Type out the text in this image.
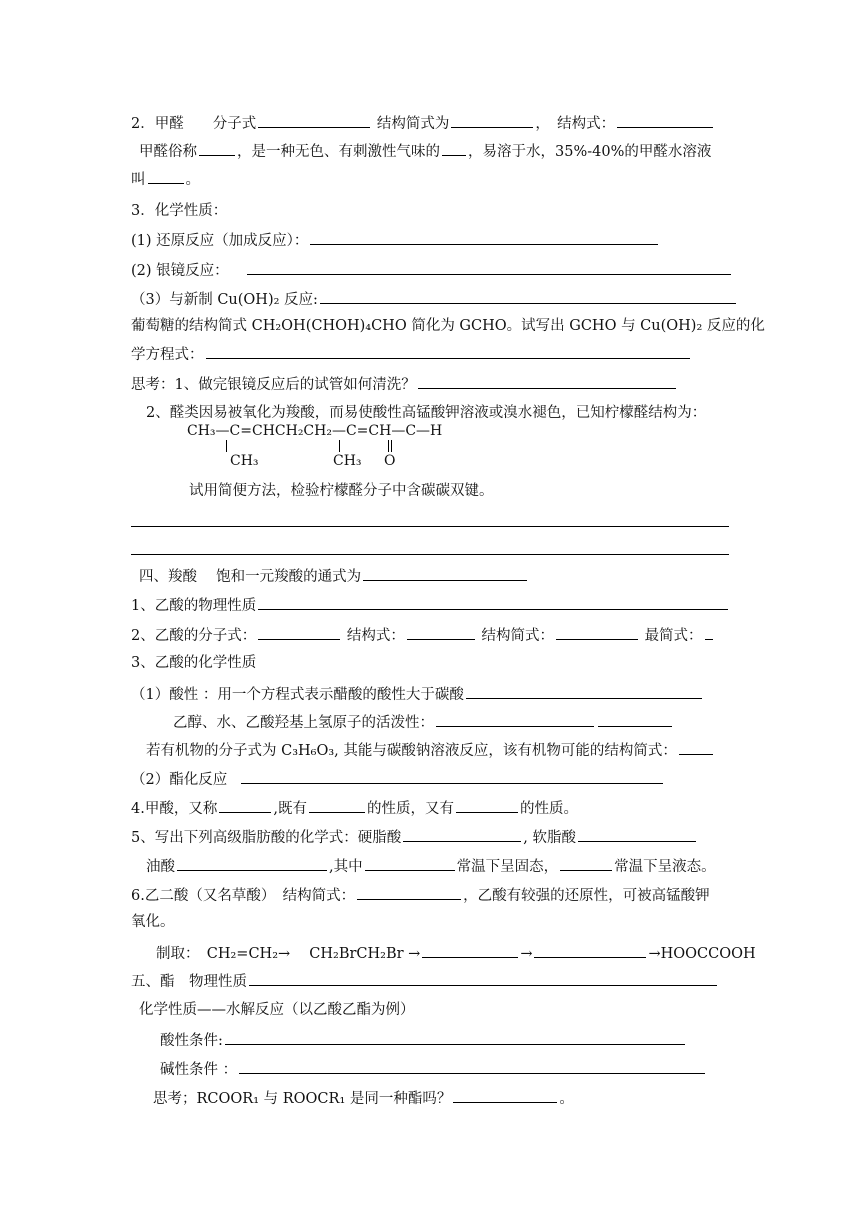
2．甲醛　　分子式	结构简式为	，　结构式：
甲醛俗称	，是一种无色、有刺激性气味的 ，易溶于水，35%-40%的甲醛水溶液
叫	。
3．化学性质：
(1) 还原反应（加成反应）：
(2) 银镜反应：
（3）与新制 Cu(OH)₂ 反应:
葡萄糖的结构简式 CH₂OH(CHOH)₄CHO 简化为 GCHO。试写出 GCHO 与 Cu(OH)₂ 反应的化
学方程式：
思考：1、做完银镜反应后的试管如何清洗？
2、醛类因易被氧化为羧酸，而易使酸性高锰酸钾溶液或溴水褪色，已知柠檬醛结构为：
CH₃—C=CHCH₂CH₂—C=CH—C—H
CH₃	CH₃ O
试用简便方法，检验柠檬醛分子中含碳碳双键。
四、羧酸　 饱和一元羧酸的通式为
1、乙酸的物理性质
2、乙酸的分子式：	结构式：	结构简式：	最简式：
3、乙酸的化学性质
（1）酸性 ：用一个方程式表示醋酸的酸性大于碳酸
乙醇、水、乙酸羟基上氢原子的活泼性：
若有机物的分子式为 C₃H₆O₃, 其能与碳酸钠溶液反应，该有机物可能的结构简式：
（2）酯化反应
4.甲酸，又称	,既有	的性质，又有	的性质。
5、写出下列高级脂肪酸的化学式：硬脂酸	, 软脂酸
油酸	,其中	常温下呈固态，	常温下呈液态。
6.乙二酸（又名草酸）　结构简式：	，乙酸有较强的还原性，可被高锰酸钾
氧化。
制取：　CH₂=CH₂→　 CH₂BrCH₂Br →	→	→HOOCCOOH
五、酯　物理性质
化学性质——水解反应（以乙酸乙酯为例）
酸性条件:
碱性条件 ：
思考；RCOOR₁ 与 ROOCR₁ 是同一种酯吗？	。
